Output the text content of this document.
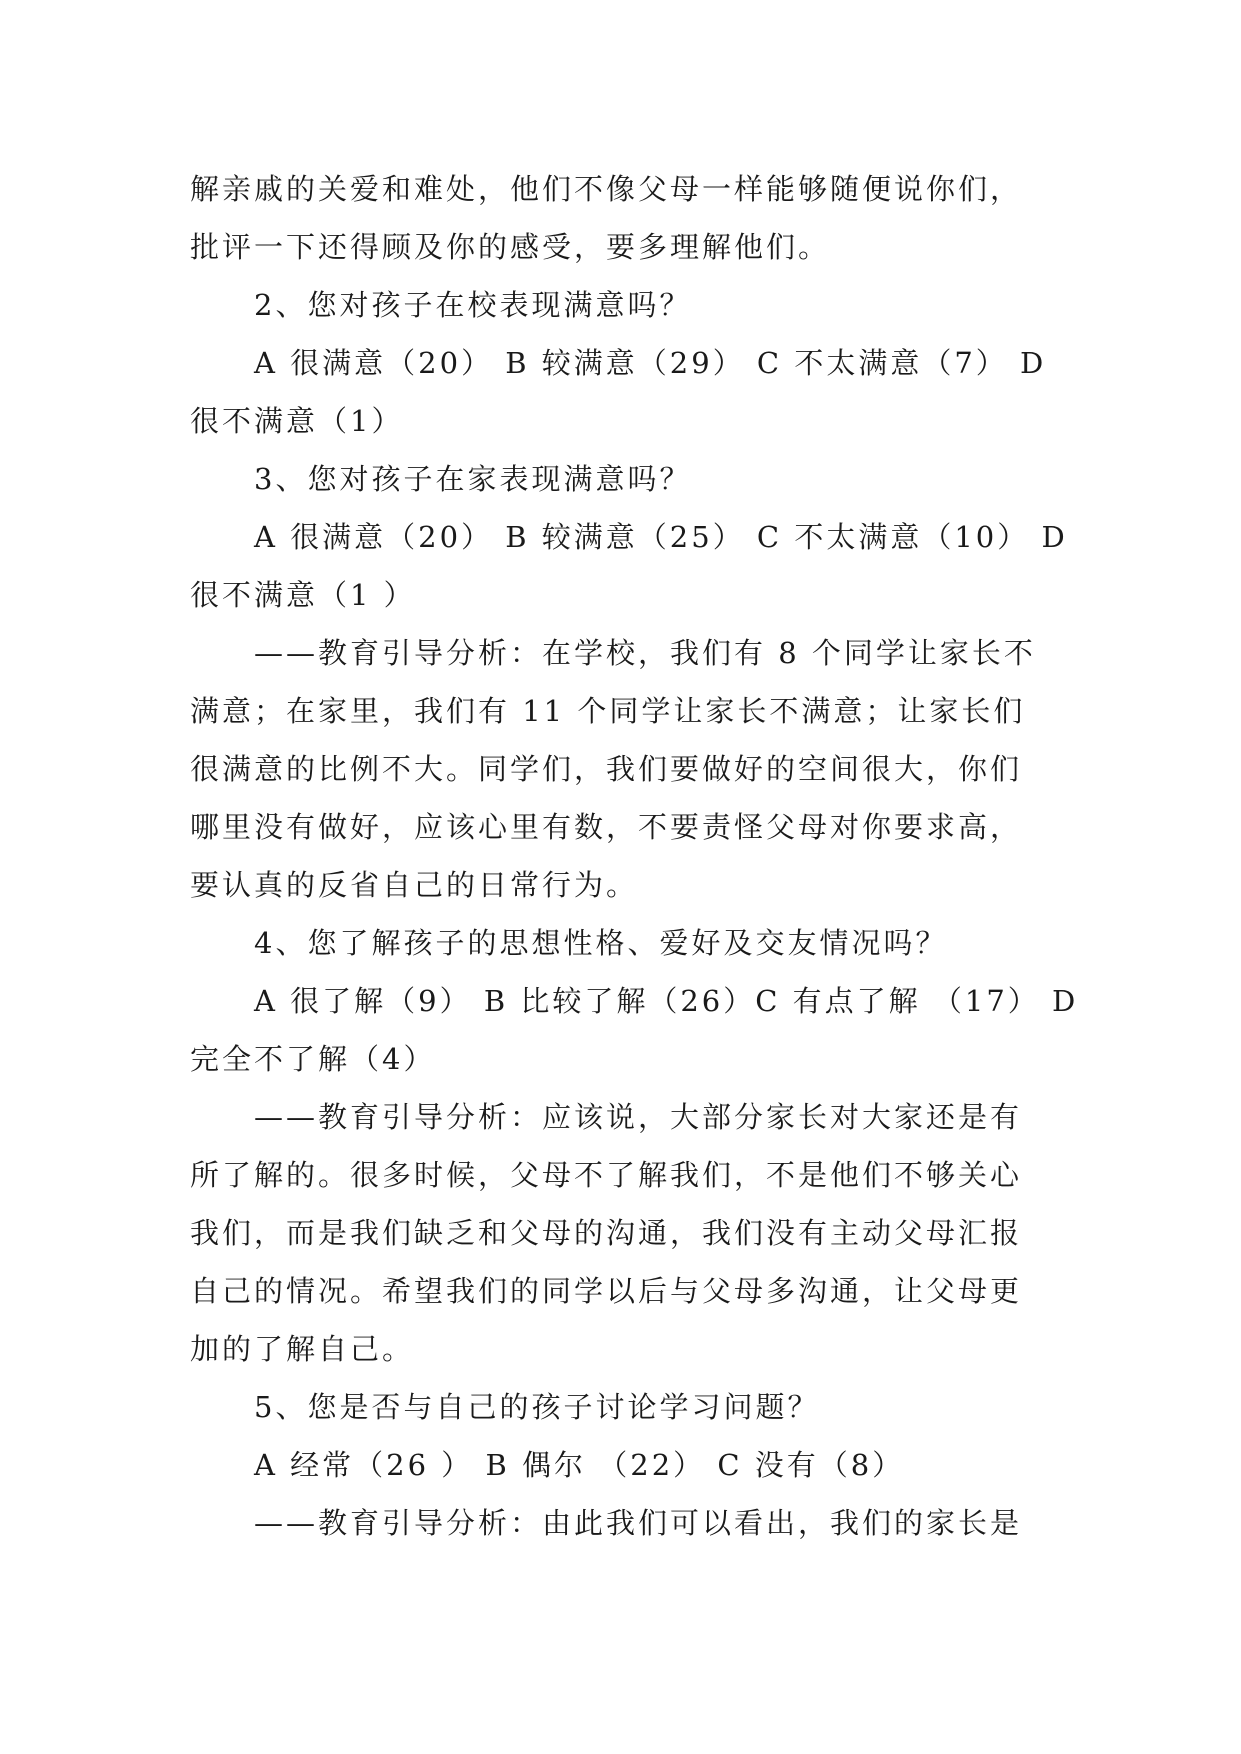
解亲戚的关爱和难处，他们不像父母一样能够随便说你们，
批评一下还得顾及你的感受，要多理解他们。
2、您对孩子在校表现满意吗？
A 很满意（20） B 较满意（29） C 不太满意（7） D
很不满意（1）
3、您对孩子在家表现满意吗？
A 很满意（20） B 较满意（25） C 不太满意（10） D
很不满意（1 ）
——教育引导分析：在学校，我们有 8 个同学让家长不
满意；在家里，我们有 11 个同学让家长不满意；让家长们
很满意的比例不大。同学们，我们要做好的空间很大，你们
哪里没有做好，应该心里有数，不要责怪父母对你要求高，
要认真的反省自己的日常行为。
4、您了解孩子的思想性格、爱好及交友情况吗？
A 很了解（9） B 比较了解（26）C 有点了解 （17） D
完全不了解（4）
——教育引导分析：应该说，大部分家长对大家还是有
所了解的。很多时候，父母不了解我们，不是他们不够关心
我们，而是我们缺乏和父母的沟通，我们没有主动父母汇报
自己的情况。希望我们的同学以后与父母多沟通，让父母更
加的了解自己。
5、您是否与自己的孩子讨论学习问题？
A 经常（26 ） B 偶尔 （22） C 没有（8）
——教育引导分析：由此我们可以看出，我们的家长是
